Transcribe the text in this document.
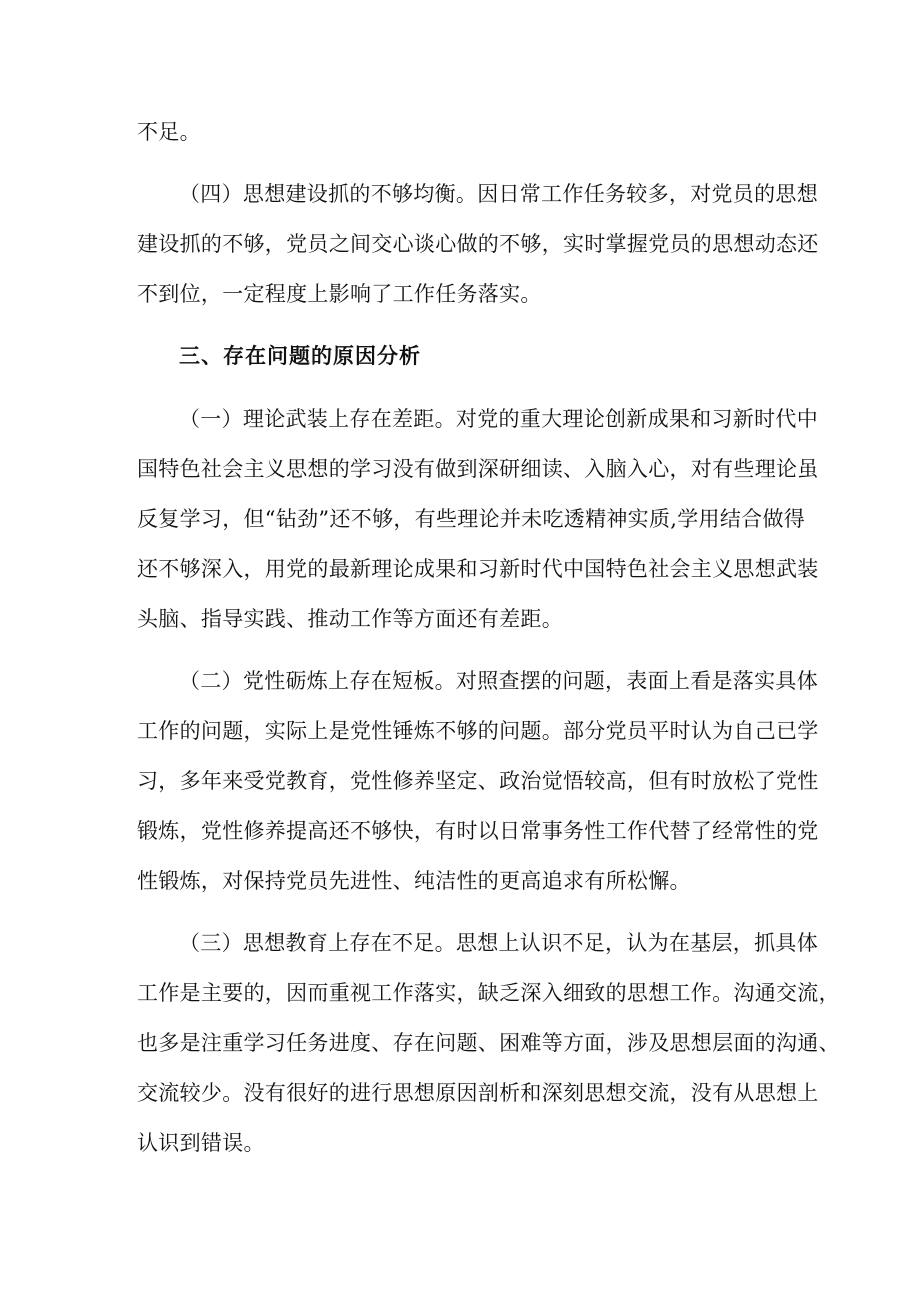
不足。
（四）思想建设抓的不够均衡。因日常工作任务较多，对党员的思想
建设抓的不够，党员之间交心谈心做的不够，实时掌握党员的思想动态还
不到位，一定程度上影响了工作任务落实。
三、存在问题的原因分析
（一）理论武装上存在差距。对党的重大理论创新成果和习新时代中
国特色社会主义思想的学习没有做到深研细读、入脑入心，对有些理论虽
反复学习，但“钻劲”还不够，有些理论并未吃透精神实质,学用结合做得
还不够深入，用党的最新理论成果和习新时代中国特色社会主义思想武装
头脑、指导实践、推动工作等方面还有差距。
（二）党性砺炼上存在短板。对照查摆的问题，表面上看是落实具体
工作的问题，实际上是党性锤炼不够的问题。部分党员平时认为自己已学
习，多年来受党教育，党性修养坚定、政治觉悟较高，但有时放松了党性
锻炼，党性修养提高还不够快，有时以日常事务性工作代替了经常性的党
性锻炼，对保持党员先进性、纯洁性的更高追求有所松懈。
（三）思想教育上存在不足。思想上认识不足，认为在基层，抓具体
工作是主要的，因而重视工作落实，缺乏深入细致的思想工作。沟通交流，
也多是注重学习任务进度、存在问题、困难等方面，涉及思想层面的沟通、
交流较少。没有很好的进行思想原因剖析和深刻思想交流，没有从思想上
认识到错误。
